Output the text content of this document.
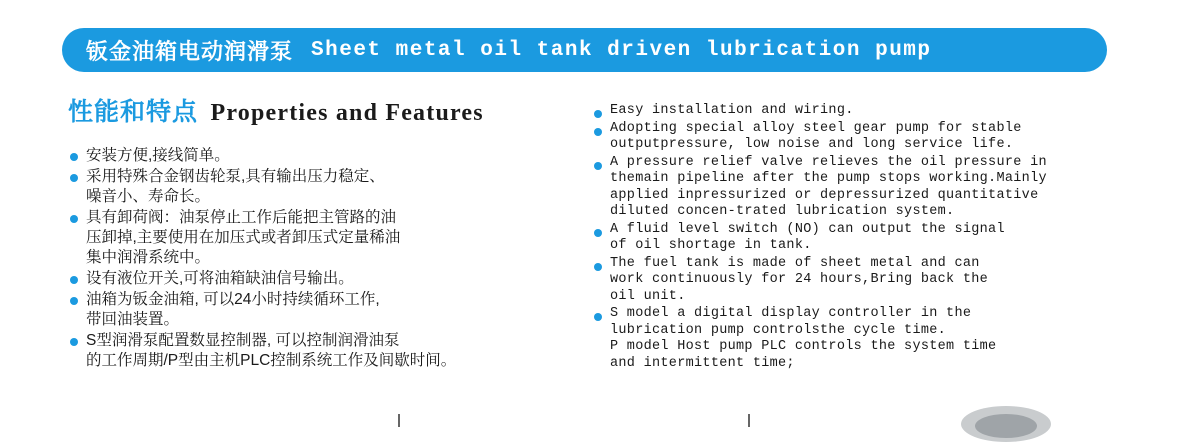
钣金油箱电动润滑泵 Sheet metal oil tank driven lubrication pump
性能和特点 Properties and Features
安装方便,接线简单。
采用特殊合金钢齿轮泵,具有输出压力稳定、
噪音小、寿命长。
具有卸荷阀：油泵停止工作后能把主管路的油
压卸掉,主要使用在加压式或者卸压式定量稀油
集中润滑系统中。
设有液位开关,可将油箱缺油信号输出。
油箱为钣金油箱, 可以24小时持续循环工作,
带回油装置。
S型润滑泵配置数显控制器, 可以控制润滑油泵
的工作周期/P型由主机PLC控制系统工作及间歇时间。
Easy installation and wiring.
Adopting special alloy steel gear pump for stable
outputpressure, low noise and long service life.
A pressure relief valve relieves the oil pressure in
themain pipeline after the pump stops working.Mainly
applied inpressurized or depressurized quantitative
diluted concen-trated lubrication system.
A fluid level switch (NO) can output the signal
of oil shortage in tank.
The fuel tank is made of sheet metal and can
work continuously for 24 hours,Bring back the
oil unit.
S model a digital display controller in the
lubrication pump controlsthe cycle time.
P model Host pump PLC controls the system time
and intermittent time;
